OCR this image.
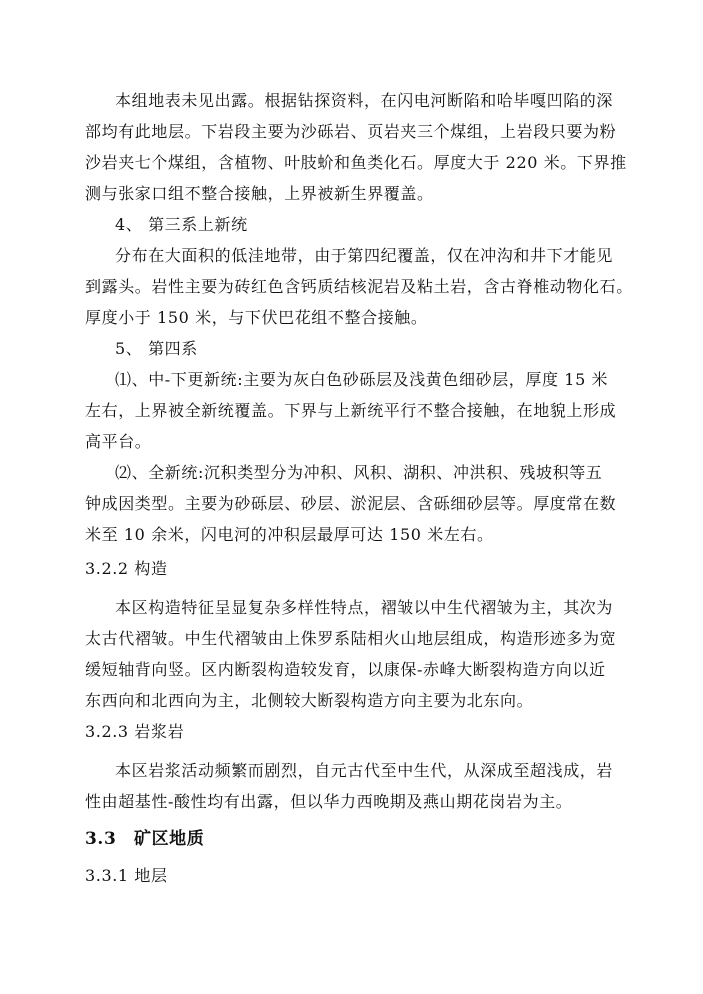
本组地表未见出露。根据钻探资料，在闪电河断陷和哈毕嘎凹陷的深
部均有此地层。下岩段主要为沙砾岩、页岩夹三个煤组，上岩段只要为粉
沙岩夹七个煤组，含植物、叶肢蚧和鱼类化石。厚度大于 220 米。下界推
测与张家口组不整合接触，上界被新生界覆盖。
4、 第三系上新统
分布在大面积的低洼地带，由于第四纪覆盖，仅在冲沟和井下才能见
到露头。岩性主要为砖红色含钙质结核泥岩及粘土岩，含古脊椎动物化石。
厚度小于 150 米，与下伏巴花组不整合接触。
5、 第四系
⑴、中-下更新统:主要为灰白色砂砾层及浅黄色细砂层，厚度 15 米
左右，上界被全新统覆盖。下界与上新统平行不整合接触，在地貌上形成
高平台。
⑵、全新统:沉积类型分为冲积、风积、湖积、冲洪积、残坡积等五
钟成因类型。主要为砂砾层、砂层、淤泥层、含砾细砂层等。厚度常在数
米至 10 余米，闪电河的冲积层最厚可达 150 米左右。
3.2.2 构造
本区构造特征呈显复杂多样性特点，褶皱以中生代褶皱为主，其次为
太古代褶皱。中生代褶皱由上侏罗系陆相火山地层组成，构造形迹多为宽
缓短轴背向竖。区内断裂构造较发育，以康保-赤峰大断裂构造方向以近
东西向和北西向为主，北侧较大断裂构造方向主要为北东向。
3.2.3 岩浆岩
本区岩浆活动频繁而剧烈，自元古代至中生代，从深成至超浅成，岩
性由超基性-酸性均有出露，但以华力西晚期及燕山期花岗岩为主。
3.3　矿区地质
3.3.1 地层
